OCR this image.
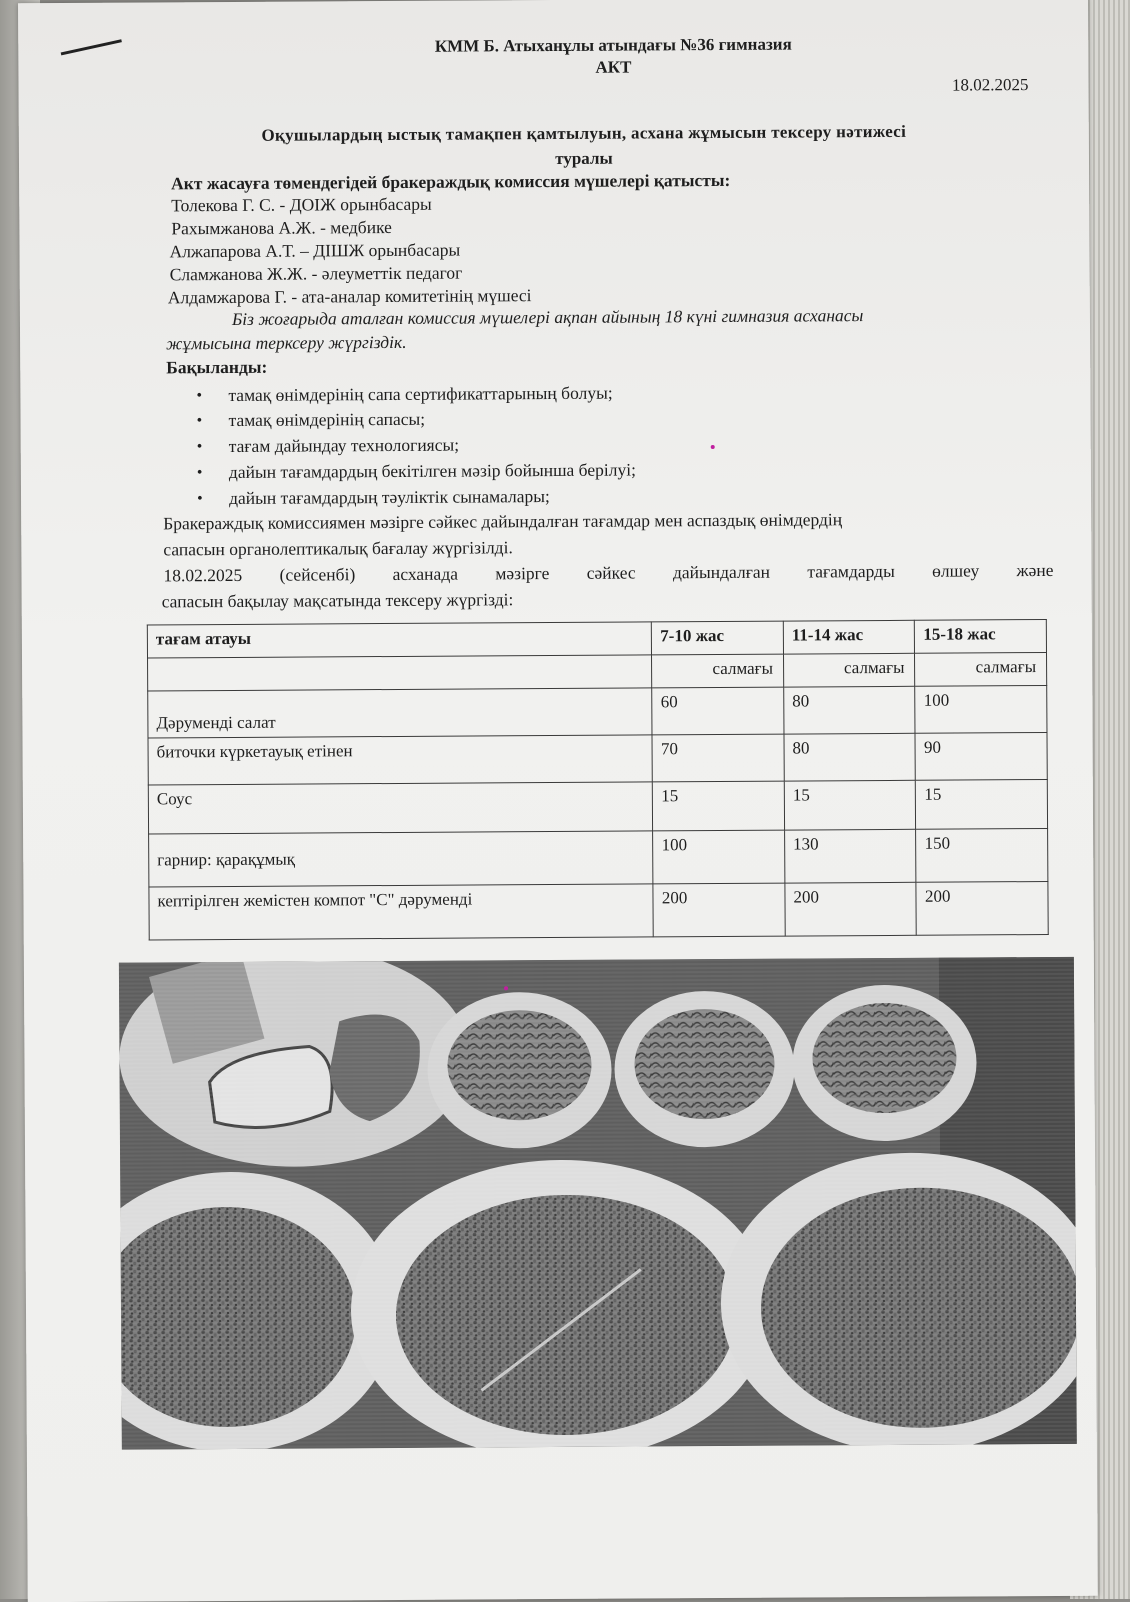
КММ Б. Атыханұлы атындағы №36 гимназия
АКТ
18.02.2025
Оқушылардың ыстық тамақпен қамтылуын, асхана жұмысын тексеру нәтижесі
туралы
Акт жасауға төмендегідей бракераждық комиссия мүшелері қатысты:
Толекова Г. С. - ДОІЖ орынбасары
Рахымжанова А.Ж. - медбике
Алжапарова А.Т. – ДІШЖ орынбасары
Сламжанова Ж.Ж. - әлеуметтік педагог
Алдамжарова Г. - ата-аналар комитетінің мүшесі
Біз жоғарыда аталған комиссия мүшелері ақпан айының 18 күні гимназия асханасы
жұмысына терксеру жүргіздік.
Бақыланды:
• тамақ өнімдерінің сапа сертификаттарының болуы;
• тамақ өнімдерінің сапасы;
• тағам дайындау технологиясы;
• дайын тағамдардың бекітілген мәзір бойынша берілуі;
• дайын тағамдардың тәуліктік сынамалары;
Бракераждық комиссиямен мәзірге сәйкес дайындалған тағамдар мен аспаздық өнімдердің
сапасын органолептикалық бағалау жүргізілді.
18.02.2025 (сейсенбі) асханада мәзірге сәйкес дайындалған тағамдарды өлшеу және
сапасын бақылау мақсатында тексеру жүргізді:
тағам атауы	7-10 жас	11-14 жас	15-18 жас
	салмағы	салмағы	салмағы
Дәруменді салат	60	80	100
биточки күркетауық етінен	70	80	90
Соус	15	15	15
гарнир: қарақұмық	100	130	150
кептірілген жемістен компот "С" дәруменді	200	200	200
